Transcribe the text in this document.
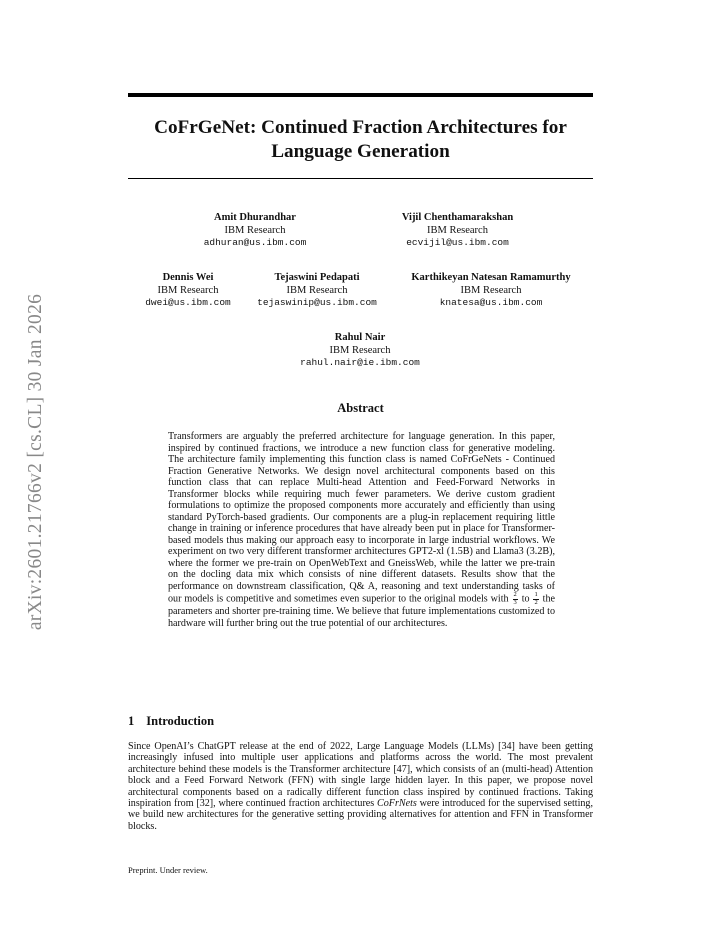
arXiv:2601.21766v2 [cs.CL] 30 Jan 2026
CoFrGeNet: Continued Fraction Architectures for Language Generation
Amit Dhurandhar
IBM Research
adhuran@us.ibm.com
Vijil Chenthamarakshan
IBM Research
ecvijil@us.ibm.com
Dennis Wei
IBM Research
dwei@us.ibm.com
Tejaswini Pedapati
IBM Research
tejaswinip@us.ibm.com
Karthikeyan Natesan Ramamurthy
IBM Research
knatesa@us.ibm.com
Rahul Nair
IBM Research
rahul.nair@ie.ibm.com
Abstract
Transformers are arguably the preferred architecture for language generation. In this paper, inspired by continued fractions, we introduce a new function class for generative modeling. The architecture family implementing this function class is named CoFrGeNets - Continued Fraction Generative Networks. We design novel architectural components based on this function class that can replace Multi-head Attention and Feed-Forward Networks in Transformer blocks while requiring much fewer parameters. We derive custom gradient formulations to optimize the proposed components more accurately and efficiently than using standard PyTorch-based gradients. Our components are a plug-in replacement requiring little change in training or inference procedures that have already been put in place for Transformer-based models thus making our approach easy to incorporate in large industrial workflows. We experiment on two very different transformer architectures GPT2-xl (1.5B) and Llama3 (3.2B), where the former we pre-train on OpenWebText and GneissWeb, while the latter we pre-train on the docling data mix which consists of nine different datasets. Results show that the performance on downstream classification, Q& A, reasoning and text understanding tasks of our models is competitive and sometimes even superior to the original models with $\frac{2}{3}$ to $\frac{1}{2}$ the parameters and shorter pre-training time. We believe that future implementations customized to hardware will further bring out the true potential of our architectures.
1 Introduction
Since OpenAI’s ChatGPT release at the end of 2022, Large Language Models (LLMs) [34] have been getting increasingly infused into multiple user applications and platforms across the world. The most prevalent architecture behind these models is the Transformer architecture [47], which consists of an (multi-head) Attention block and a Feed Forward Network (FFN) with single large hidden layer. In this paper, we propose novel architectural components based on a radically different function class inspired by continued fractions. Taking inspiration from [32], where continued fraction architectures CoFrNets were introduced for the supervised setting, we build new architectures for the generative setting providing alternatives for attention and FFN in Transformer blocks.
Preprint. Under review.
